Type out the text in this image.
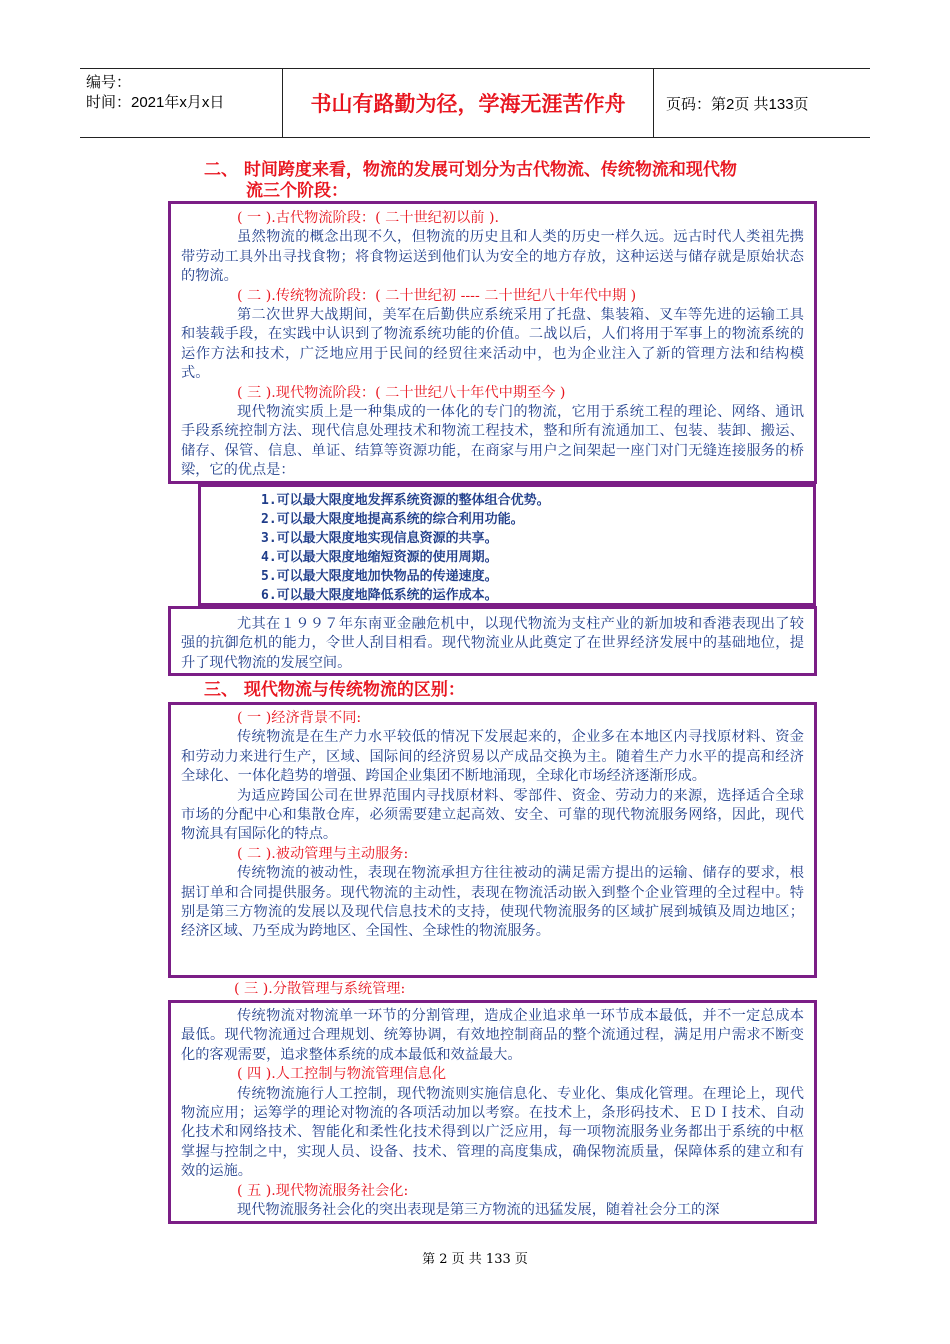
编号：
时间：2021年x月x日	书山有路勤为径，学海无涯苦作舟	页码：第2页 共133页
二、 时间跨度来看，物流的发展可划分为古代物流、传统物流和现代物
流三个阶段：

( 一 ).古代物流阶段：( 二十世纪初以前 ).

虽然物流的概念出现不久，但物流的历史且和人类的历史一样久远。远古时代人类祖先携带劳动工具外出寻找食物；将食物运送到他们认为安全的地方存放，这种运送与储存就是原始状态的物流。

( 二 ).传统物流阶段：( 二十世纪初 ---- 二十世纪八十年代中期 )

第二次世界大战期间，美军在后勤供应系统采用了托盘、集装箱、叉车等先进的运输工具和装载手段，在实践中认识到了物流系统功能的价值。二战以后，人们将用于军事上的物流系统的运作方法和技术，广泛地应用于民间的经贸往来活动中，也为企业注入了新的管理方法和结构模式。

( 三 ).现代物流阶段：( 二十世纪八十年代中期至今 )

现代物流实质上是一种集成的一体化的专门的物流，它用于系统工程的理论、网络、通讯手段系统控制方法、现代信息处理技术和物流工程技术，整和所有流通加工、包装、装卸、搬运、储存、保管、信息、单证、结算等资源功能，在商家与用户之间架起一座门对门无缝连接服务的桥梁，它的优点是：

1.可以最大限度地发挥系统资源的整体组合优势。
2.可以最大限度地提高系统的综合利用功能。
3.可以最大限度地实现信息资源的共享。
4.可以最大限度地缩短资源的使用周期。
5.可以最大限度地加快物品的传递速度。
6.可以最大限度地降低系统的运作成本。

尤其在１９９７年东南亚金融危机中，以现代物流为支柱产业的新加坡和香港表现出了较强的抗御危机的能力，令世人刮目相看。现代物流业从此奠定了在世界经济发展中的基础地位，提升了现代物流的发展空间。

三、 现代物流与传统物流的区别：

( 一 )经济背景不同:

传统物流是在生产力水平较低的情况下发展起来的，企业多在本地区内寻找原材料、资金和劳动力来进行生产，区域、国际间的经济贸易以产成品交换为主。随着生产力水平的提高和经济全球化、一体化趋势的增强、跨国企业集团不断地涌现，全球化市场经济逐渐形成。

为适应跨国公司在世界范围内寻找原材料、零部件、资金、劳动力的来源，选择适合全球市场的分配中心和集散仓库，必须需要建立起高效、安全、可靠的现代物流服务网络，因此，现代物流具有国际化的特点。

( 二 ).被动管理与主动服务:

传统物流的被动性，表现在物流承担方往往被动的满足需方提出的运输、储存的要求，根据订单和合同提供服务。现代物流的主动性，表现在物流活动嵌入到整个企业管理的全过程中。特别是第三方物流的发展以及现代信息技术的支持，使现代物流服务的区域扩展到城镇及周边地区；经济区域、乃至成为跨地区、全国性、全球性的物流服务。

( 三 ).分散管理与系统管理:

传统物流对物流单一环节的分割管理，造成企业追求单一环节成本最低，并不一定总成本最低。现代物流通过合理规划、统筹协调，有效地控制商品的整个流通过程，满足用户需求不断变化的客观需要，追求整体系统的成本最低和效益最大。

( 四 ).人工控制与物流管理信息化

传统物流施行人工控制，现代物流则实施信息化、专业化、集成化管理。在理论上，现代物流应用；运筹学的理论对物流的各项活动加以考察。在技术上，条形码技术、ＥＤＩ技术、自动化技术和网络技术、智能化和柔性化技术得到以广泛应用，每一项物流服务业务都出于系统的中枢掌握与控制之中，实现人员、设备、技术、管理的高度集成，确保物流质量，保障体系的建立和有效的运施。

( 五 ).现代物流服务社会化:

现代物流服务社会化的突出表现是第三方物流的迅猛发展，随着社会分工的深

第 2 页 共 133 页
